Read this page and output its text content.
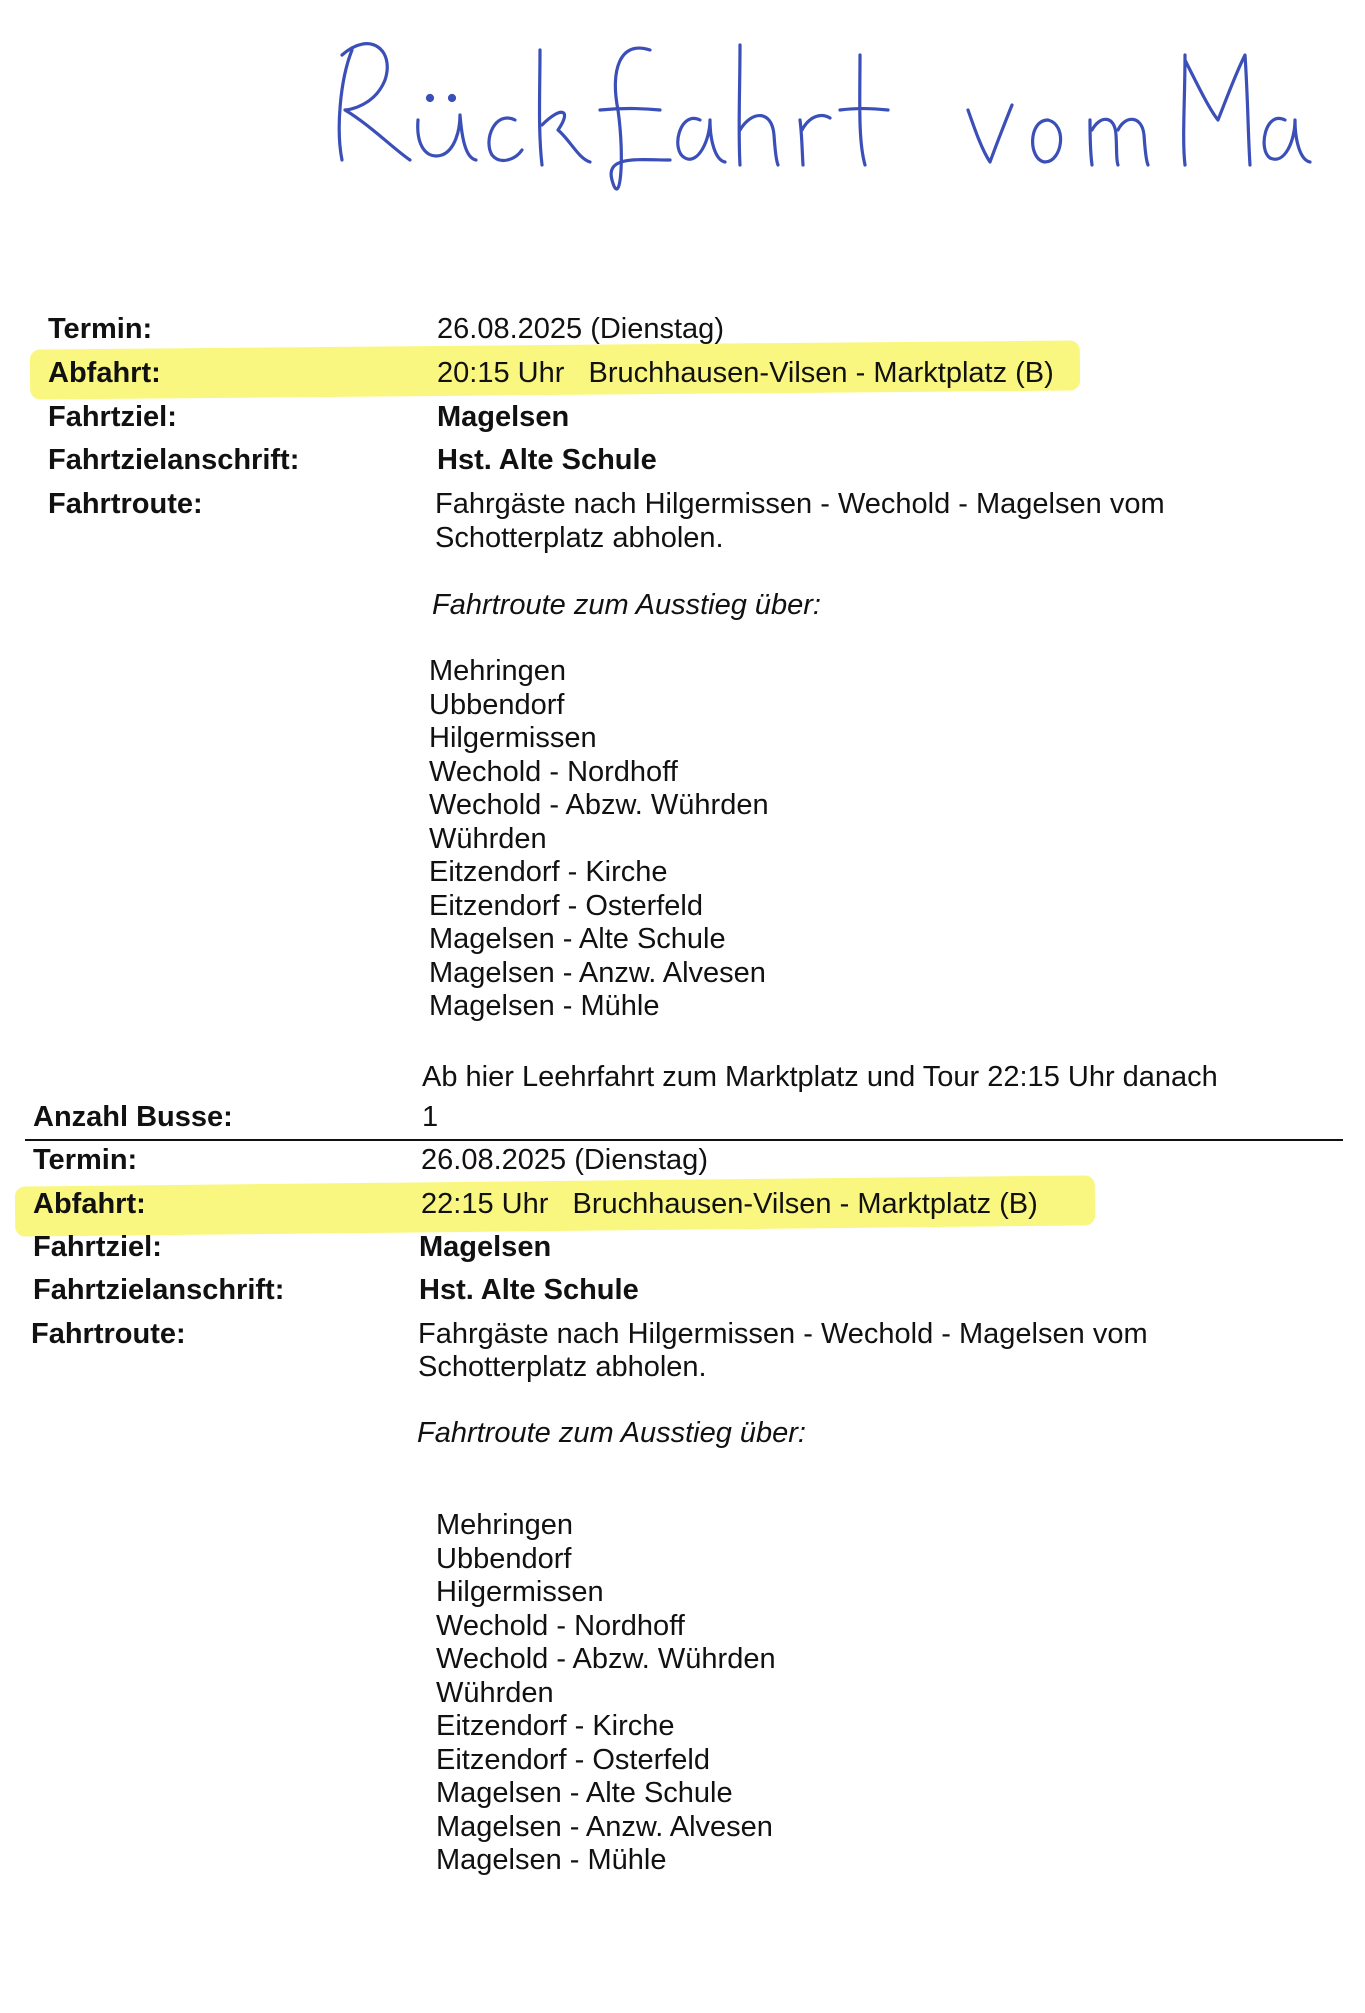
Termin:	26.08.2025 (Dienstag)
Abfahrt:	20:15 Uhr   Bruchhausen-Vilsen - Marktplatz (B)
Fahrtziel:	Magelsen
Fahrtzielanschrift:	Hst. Alte Schule
Fahrtroute:	Fahrgäste nach Hilgermissen - Wechold - Magelsen vom
Schotterplatz abholen.
Fahrtroute zum Ausstieg über:
Mehringen
Ubbendorf
Hilgermissen
Wechold - Nordhoff
Wechold - Abzw. Wührden
Wührden
Eitzendorf - Kirche
Eitzendorf - Osterfeld
Magelsen - Alte Schule
Magelsen - Anzw. Alvesen
Magelsen - Mühle
Ab hier Leehrfahrt zum Marktplatz und Tour 22:15 Uhr danach
Anzahl Busse:	1
Termin:	26.08.2025 (Dienstag)
Abfahrt:	22:15 Uhr   Bruchhausen-Vilsen - Marktplatz (B)
Fahrtziel:	Magelsen
Fahrtzielanschrift:	Hst. Alte Schule
Fahrtroute:	Fahrgäste nach Hilgermissen - Wechold - Magelsen vom
Schotterplatz abholen.
Fahrtroute zum Ausstieg über:
Mehringen
Ubbendorf
Hilgermissen
Wechold - Nordhoff
Wechold - Abzw. Wührden
Wührden
Eitzendorf - Kirche
Eitzendorf - Osterfeld
Magelsen - Alte Schule
Magelsen - Anzw. Alvesen
Magelsen - Mühle
